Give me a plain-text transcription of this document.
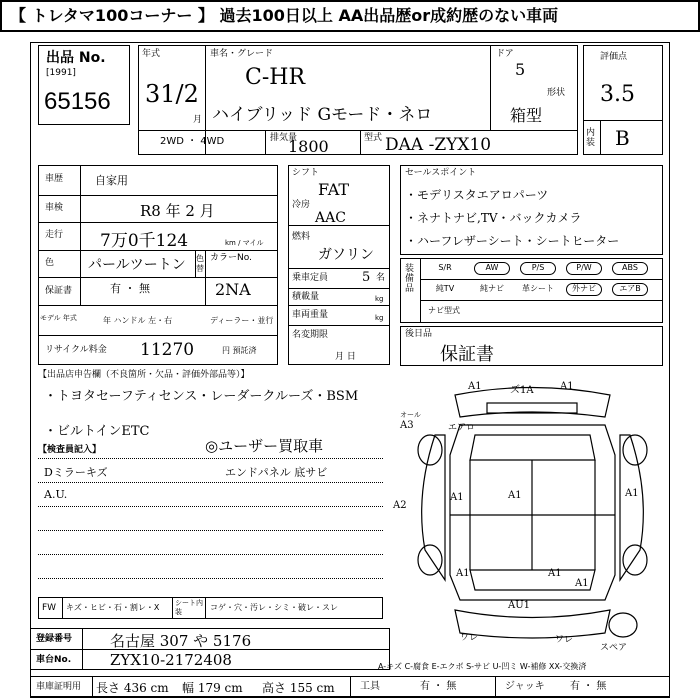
【 トレタマ100コーナー 】 過去100日以上 AA出品歴or成約歴のない車両
出品 No.
[1991]
65156
年式
31/2
月
車名・グレード
C-HR
ハイブリッド Gモード・ネロ
ドア
5
形状
箱型
2WD ・ 4WD	排気量
1800	型式 DAA -ZYX10
評価点
3.5
内装 B
車歴	自家用
車検	R8 年 2 月
走行 7万0千124	km / マイル
色 パールツートン 色替
カラーNo.
保証書	有 ・ 無	2NA
モデル 年式	年 ハンドル 左・右	ディーラー・並行
リサイクル料金 11270	円 預託済
シフト
FAT
冷房
AAC
燃料
ガソリン
乗車定員	5 名
積載量	kg
車両重量	kg
名変期限
月 日
セールスポイント
・モデリスタエアロパーツ
・ネナトナビ,TV・バックカメラ
・ハーフレザーシート・シートヒーター
装備品
S/R	AW	P/S	P/W	ABS
純TV	純ナビ	革シート	外ナビ	エアB
ナビ型式
後日品
保証書
【出品店申告欄（不良箇所・欠品・評価外部品等）】
・トヨタセーフティセンス・レーダークルーズ・BSM
・ビルトインETC
◎ユーザー買取車
【検査員記入】
Dミラーキズ	エンドパネル 底サビ
A.U.
A1	ズ1A	A1
オール
A3	エアロ
A1	A1	A1
A2
A1	A1
A1
ワレ
AU1
ワレ
スペア
FW キズ・ヒビ・石・割レ・X シート内装	コゲ・穴・汚レ・シミ・破レ・スレ
登録番号	名古屋 307 や 5176
車台No.	ZYX10-2172408	A-キズ C-腐食 E-エクボ S-サビ U-凹ミ W-補修 XX-交換済
車庫証明用 長さ 436 cm 幅 179 cm 高さ 155 cm	工具	有 ・ 無	ジャッキ	有 ・ 無
